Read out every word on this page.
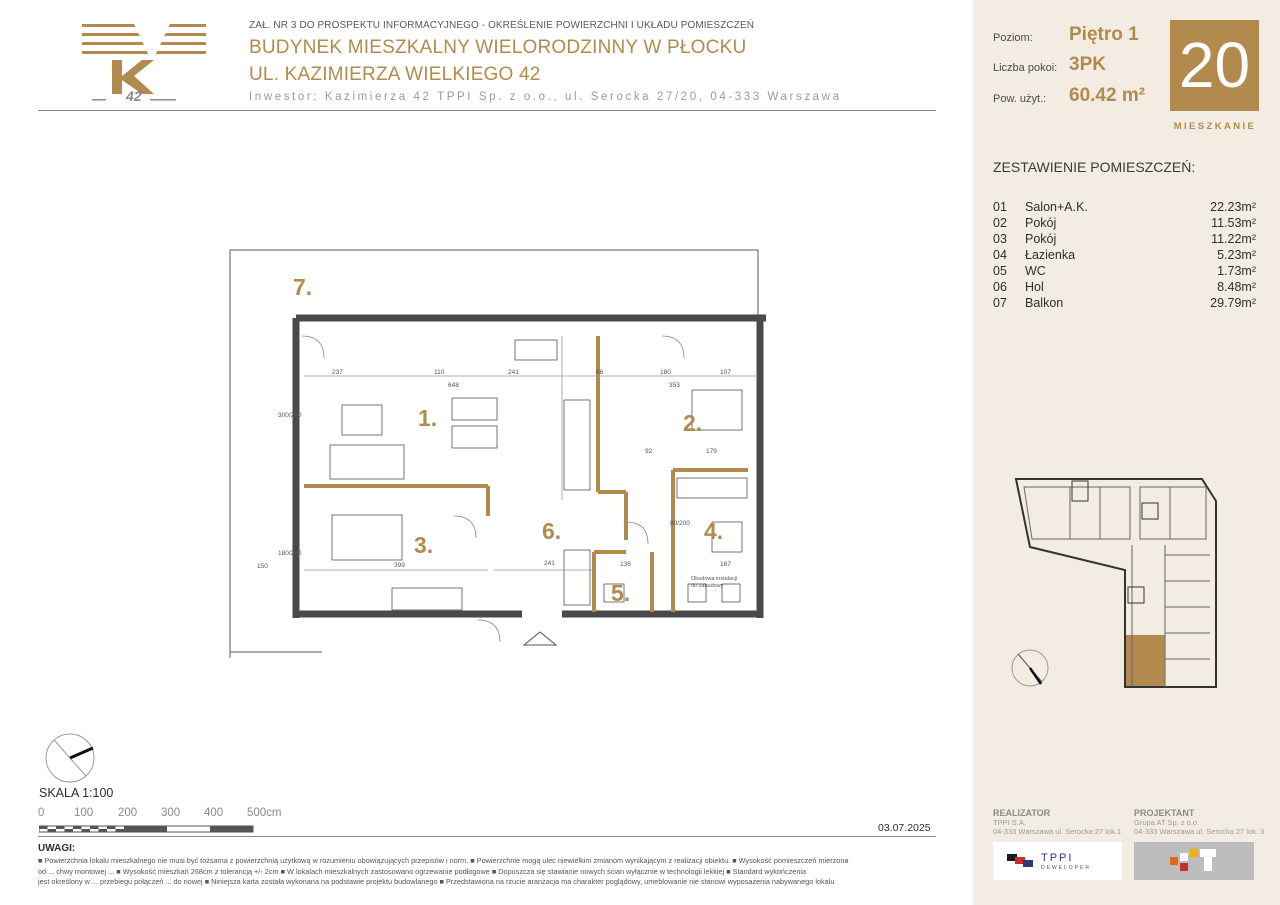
42
ZAŁ. NR 3 DO PROSPEKTU INFORMACYJNEGO - OKREŚLENIE POWIERZCHNI I UKŁADU POMIESZCZEŃ
BUDYNEK MIESZKALNY WIELORODZINNY W PŁOCKU
UL. KAZIMIERZA WIELKIEGO 42
Inwestor: Kazimierza 42 TPPI Sp. z o.o., ul. Serocka 27/20, 04-333 Warszawa
1.	2.
3.
4.
5.
6.
7.
237	110	241
648
66	180
353
107
300/240
180/240
150	399	241	136	167
92	179
80/200
Obudowa instalacji do zabudowy
SKALA 1:100
0	100 200 300 400 500cm
03.07.2025
UWAGI:
■ Powierzchnia lokalu mieszkalnego nie musi być tożsama z powierzchnią użytkową w rozumieniu obowiązujących przepisów i norm. ■ Powierzchnie mogą ulec niewielkim zmianom wynikającym z realizacji obiektu. ■ Wysokość pomieszczeń mierzona
od ... chwy montowej ... ■ Wysokość mieszkań 268cm z tolerancją +/- 2cm ■ W lokalach mieszkalnych zastosowano ogrzewanie podłogowe ■ Dopuszcza się stawianie nowych ścian wyłącznie w technologii lekkiej ■ Standard wykończenia
jest określony w ... przebiegu połączeń ... do nowej ■ Niniejsza karta została wykonana na podstawie projektu budowlanego ■ Przedstawiona na rzucie aranżacja ma charakter poglądowy, umeblowanie nie stanowi wyposażenia nabywanego lokalu
Poziom: Piętro 1
Liczba pokoi: 3PK
Pow. użyt.: 60.42 m² 20
MIESZKANIE
ZESTAWIENIE POMIESZCZEŃ:
01 Salon+A.K.	22.23m²
02 Pokój	11.53m²
03 Pokój	11.22m²
04 Łazienka	5.23m²
05 WC	1.73m²
06 Hol	8.48m²
07 Balkon	29.79m²
REALIZATOR
TPPI S.A.
04-333 Warszawa ul. Serocka 27 lok.1
TPPI
DEWELOPER
PROJEKTANT
Grupa AT Sp. z o.o.
04-333 Warszawa ul. Serocka 27 lok. 3
